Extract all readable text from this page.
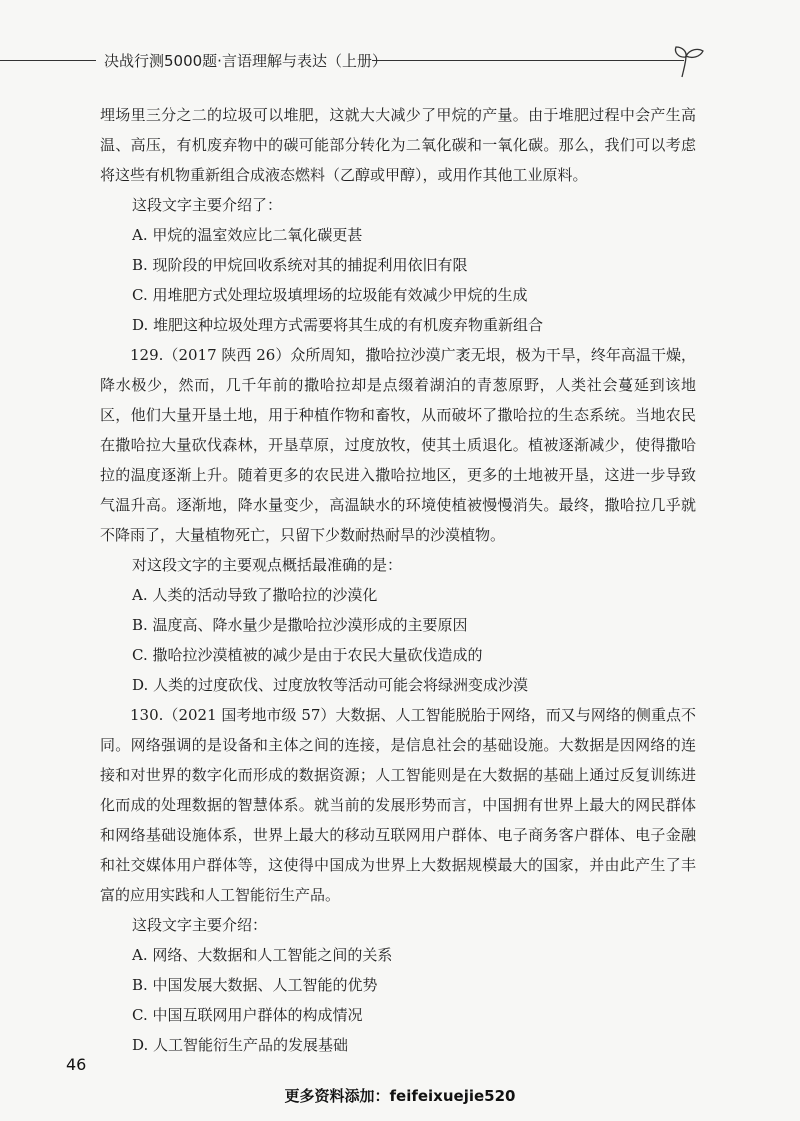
决战行测5000题·言语理解与表达（上册）

埋场里三分之二的垃圾可以堆肥，这就大大减少了甲烷的产量。由于堆肥过程中会产生高温、高压，有机废弃物中的碳可能部分转化为二氧化碳和一氧化碳。那么，我们可以考虑将这些有机物重新组合成液态燃料（乙醇或甲醇），或用作其他工业原料。

这段文字主要介绍了：

A. 甲烷的温室效应比二氧化碳更甚

B. 现阶段的甲烷回收系统对其的捕捉利用依旧有限

C. 用堆肥方式处理垃圾填埋场的垃圾能有效减少甲烷的生成

D. 堆肥这种垃圾处理方式需要将其生成的有机废弃物重新组合

129.（2017 陕西 26）众所周知，撒哈拉沙漠广袤无垠，极为干旱，终年高温干燥，降水极少，然而，几千年前的撒哈拉却是点缀着湖泊的青葱原野，人类社会蔓延到该地区，他们大量开垦土地，用于种植作物和畜牧，从而破坏了撒哈拉的生态系统。当地农民在撒哈拉大量砍伐森林，开垦草原，过度放牧，使其土质退化。植被逐渐减少，使得撒哈拉的温度逐渐上升。随着更多的农民进入撒哈拉地区，更多的土地被开垦，这进一步导致气温升高。逐渐地，降水量变少，高温缺水的环境使植被慢慢消失。最终，撒哈拉几乎就不降雨了，大量植物死亡，只留下少数耐热耐旱的沙漠植物。

对这段文字的主要观点概括最准确的是：

A. 人类的活动导致了撒哈拉的沙漠化

B. 温度高、降水量少是撒哈拉沙漠形成的主要原因

C. 撒哈拉沙漠植被的减少是由于农民大量砍伐造成的

D. 人类的过度砍伐、过度放牧等活动可能会将绿洲变成沙漠

130.（2021 国考地市级 57）大数据、人工智能脱胎于网络，而又与网络的侧重点不同。网络强调的是设备和主体之间的连接，是信息社会的基础设施。大数据是因网络的连接和对世界的数字化而形成的数据资源；人工智能则是在大数据的基础上通过反复训练进化而成的处理数据的智慧体系。就当前的发展形势而言，中国拥有世界上最大的网民群体和网络基础设施体系，世界上最大的移动互联网用户群体、电子商务客户群体、电子金融和社交媒体用户群体等，这使得中国成为世界上大数据规模最大的国家，并由此产生了丰富的应用实践和人工智能衍生产品。

这段文字主要介绍：

A. 网络、大数据和人工智能之间的关系

B. 中国发展大数据、人工智能的优势

C. 中国互联网用户群体的构成情况

D. 人工智能衍生产品的发展基础

46
更多资料添加：feifeixuejie520
